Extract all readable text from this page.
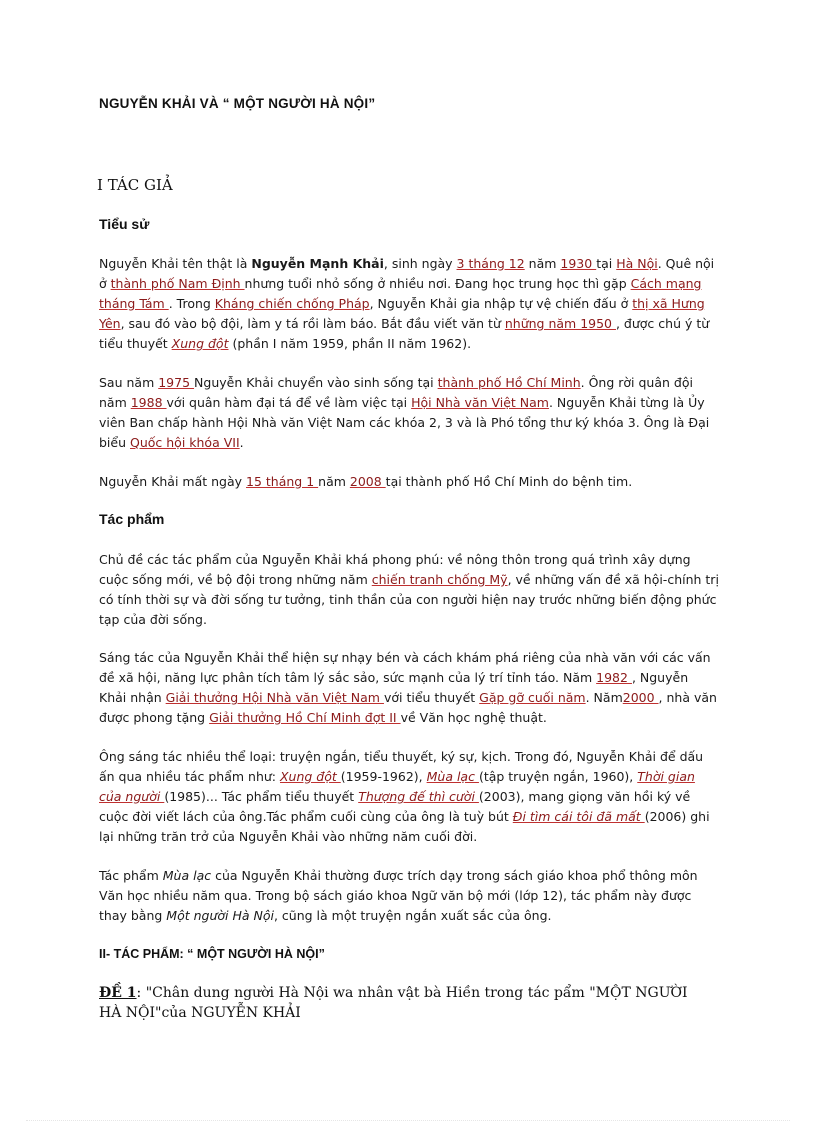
NGUYỄN KHẢI VÀ “ MỘT NGƯỜI HÀ NỘI”
I TÁC GIẢ
Tiểu sử

Nguyễn Khải tên thật là Nguyễn Mạnh Khải, sinh ngày 3 tháng 12 năm 1930 tại Hà Nội. Quê nội ở thành phố Nam Định nhưng tuổi nhỏ sống ở nhiều nơi. Đang học trung học thì gặp Cách mạng tháng Tám . Trong Kháng chiến chống Pháp, Nguyễn Khải gia nhập tự vệ chiến đấu ở thị xã Hưng Yên, sau đó vào bộ đội, làm y tá rồi làm báo. Bắt đầu viết văn từ những năm 1950 , được chú ý từ tiểu thuyết Xung đột (phần I năm 1959, phần II năm 1962).

Sau năm 1975 Nguyễn Khải chuyển vào sinh sống tại thành phố Hồ Chí Minh. Ông rời quân đội năm 1988 với quân hàm đại tá để về làm việc tại Hội Nhà văn Việt Nam. Nguyễn Khải từng là Ủy viên Ban chấp hành Hội Nhà văn Việt Nam các khóa 2, 3 và là Phó tổng thư ký khóa 3. Ông là Đại biểu Quốc hội khóa VII.

Nguyễn Khải mất ngày 15 tháng 1 năm 2008 tại thành phố Hồ Chí Minh do bệnh tim.

Tác phẩm

Chủ đề các tác phẩm của Nguyễn Khải khá phong phú: về nông thôn trong quá trình xây dựng cuộc sống mới, về bộ đội trong những năm chiến tranh chống Mỹ, về những vấn đề xã hội-chính trị có tính thời sự và đời sống tư tưởng, tinh thần của con người hiện nay trước những biến động phức tạp của đời sống.

Sáng tác của Nguyễn Khải thể hiện sự nhạy bén và cách khám phá riêng của nhà văn với các vấn đề xã hội, năng lực phân tích tâm lý sắc sảo, sức mạnh của lý trí tỉnh táo. Năm 1982 , Nguyễn Khải nhận Giải thưởng Hội Nhà văn Việt Nam với tiểu thuyết Gặp gỡ cuối năm. Năm2000 , nhà văn được phong tặng Giải thưởng Hồ Chí Minh đợt II về Văn học nghệ thuật.

Ông sáng tác nhiều thể loại: truyện ngắn, tiểu thuyết, ký sự, kịch. Trong đó, Nguyễn Khải để dấu ấn qua nhiều tác phẩm như: Xung đột (1959-1962), Mùa lạc (tập truyện ngắn, 1960), Thời gian của người (1985)... Tác phẩm tiểu thuyết Thượng đế thì cười (2003), mang giọng văn hồi ký về cuộc đời viết lách của ông.Tác phẩm cuối cùng của ông là tuỳ bút Đi tìm cái tôi đã mất (2006) ghi lại những trăn trở của Nguyễn Khải vào những năm cuối đời.

Tác phẩm Mùa lạc của Nguyễn Khải thường được trích dạy trong sách giáo khoa phổ thông môn Văn học nhiều năm qua. Trong bộ sách giáo khoa Ngữ văn bộ mới (lớp 12), tác phẩm này được thay bằng Một người Hà Nội, cũng là một truyện ngắn xuất sắc của ông.

II- TÁC PHẨM: “ MỘT NGƯỜI HÀ NỘI”

ĐỀ 1: "Chân dung người Hà Nội wa nhân vật bà Hiền trong tác pẩm "MỘT NGƯỜI HÀ NỘI"của NGUYỄN KHẢI
